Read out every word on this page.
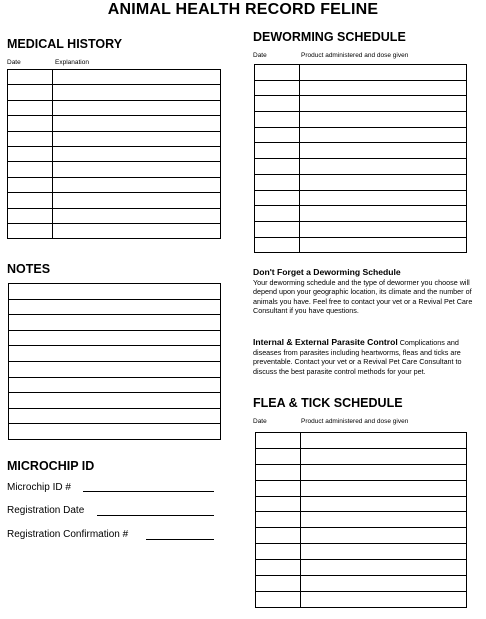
ANIMAL HEALTH RECORD FELINE
MEDICAL HISTORY
Date	Explanation

NOTES

MICROCHIP ID
Microchip ID #
Registration Date
Registration Confirmation #
DEWORMING SCHEDULE
Date	Product administered and dose given

Don't Forget a Deworming Schedule
Your deworming schedule and the type of dewormer you choose will depend upon your geographic location, its climate and the number of animals you have. Feel free to contact your vet or a Revival Pet Care Consultant if you have questions.
Internal & External Parasite Control Complications and diseases from parasites including heartworms, fleas and ticks are preventable. Contact your vet or a Revival Pet Care Consultant to discuss the best parasite control methods for your pet.
FLEA & TICK SCHEDULE
Date	Product administered and dose given
